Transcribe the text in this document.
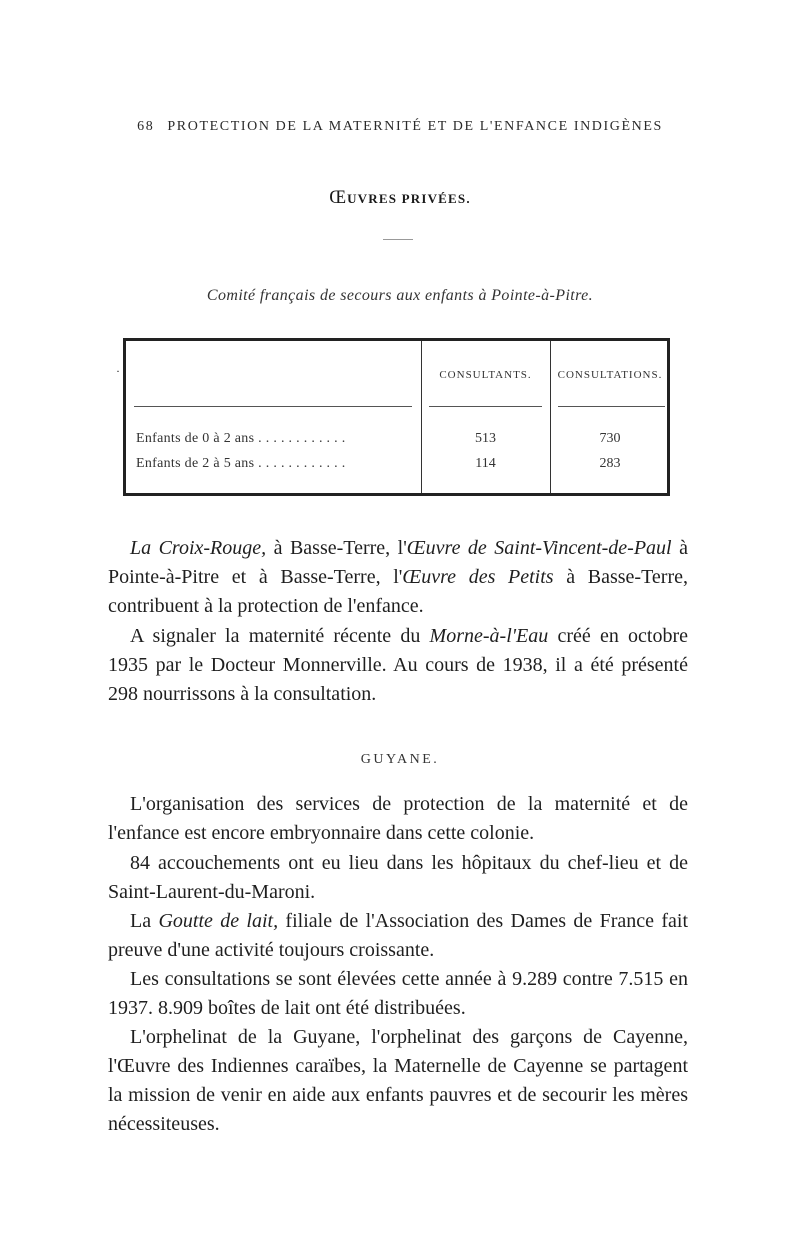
68 PROTECTION DE LA MATERNITÉ ET DE L'ENFANCE INDIGÈNES
ŒUVRES PRIVÉES.
Comité français de secours aux enfants à Pointe-à-Pitre.
·	CONSULTANTS.	CONSULTATIONS.
Enfants de 0 à 2 ans . . . . . . . . . . . .	513	730
Enfants de 2 à 5 ans . . . . . . . . . . . .	114	283
La Croix-Rouge, à Basse-Terre, l'Œuvre de Saint-Vincent-de-Paul à Pointe-à-Pitre et à Basse-Terre, l'Œuvre des Petits à Basse-Terre, contribuent à la protection de l'enfance.
A signaler la maternité récente du Morne-à-l'Eau créé en octobre 1935 par le Docteur Monnerville. Au cours de 1938, il a été présenté 298 nourrissons à la consultation.
GUYANE.
L'organisation des services de protection de la maternité et de l'enfance est encore embryonnaire dans cette colonie.
84 accouchements ont eu lieu dans les hôpitaux du chef-lieu et de Saint-Laurent-du-Maroni.
La Goutte de lait, filiale de l'Association des Dames de France fait preuve d'une activité toujours croissante.
Les consultations se sont élevées cette année à 9.289 contre 7.515 en 1937. 8.909 boîtes de lait ont été distribuées.
L'orphelinat de la Guyane, l'orphelinat des garçons de Cayenne, l'Œuvre des Indiennes caraïbes, la Maternelle de Cayenne se partagent la mission de venir en aide aux enfants pauvres et de secourir les mères nécessiteuses.
